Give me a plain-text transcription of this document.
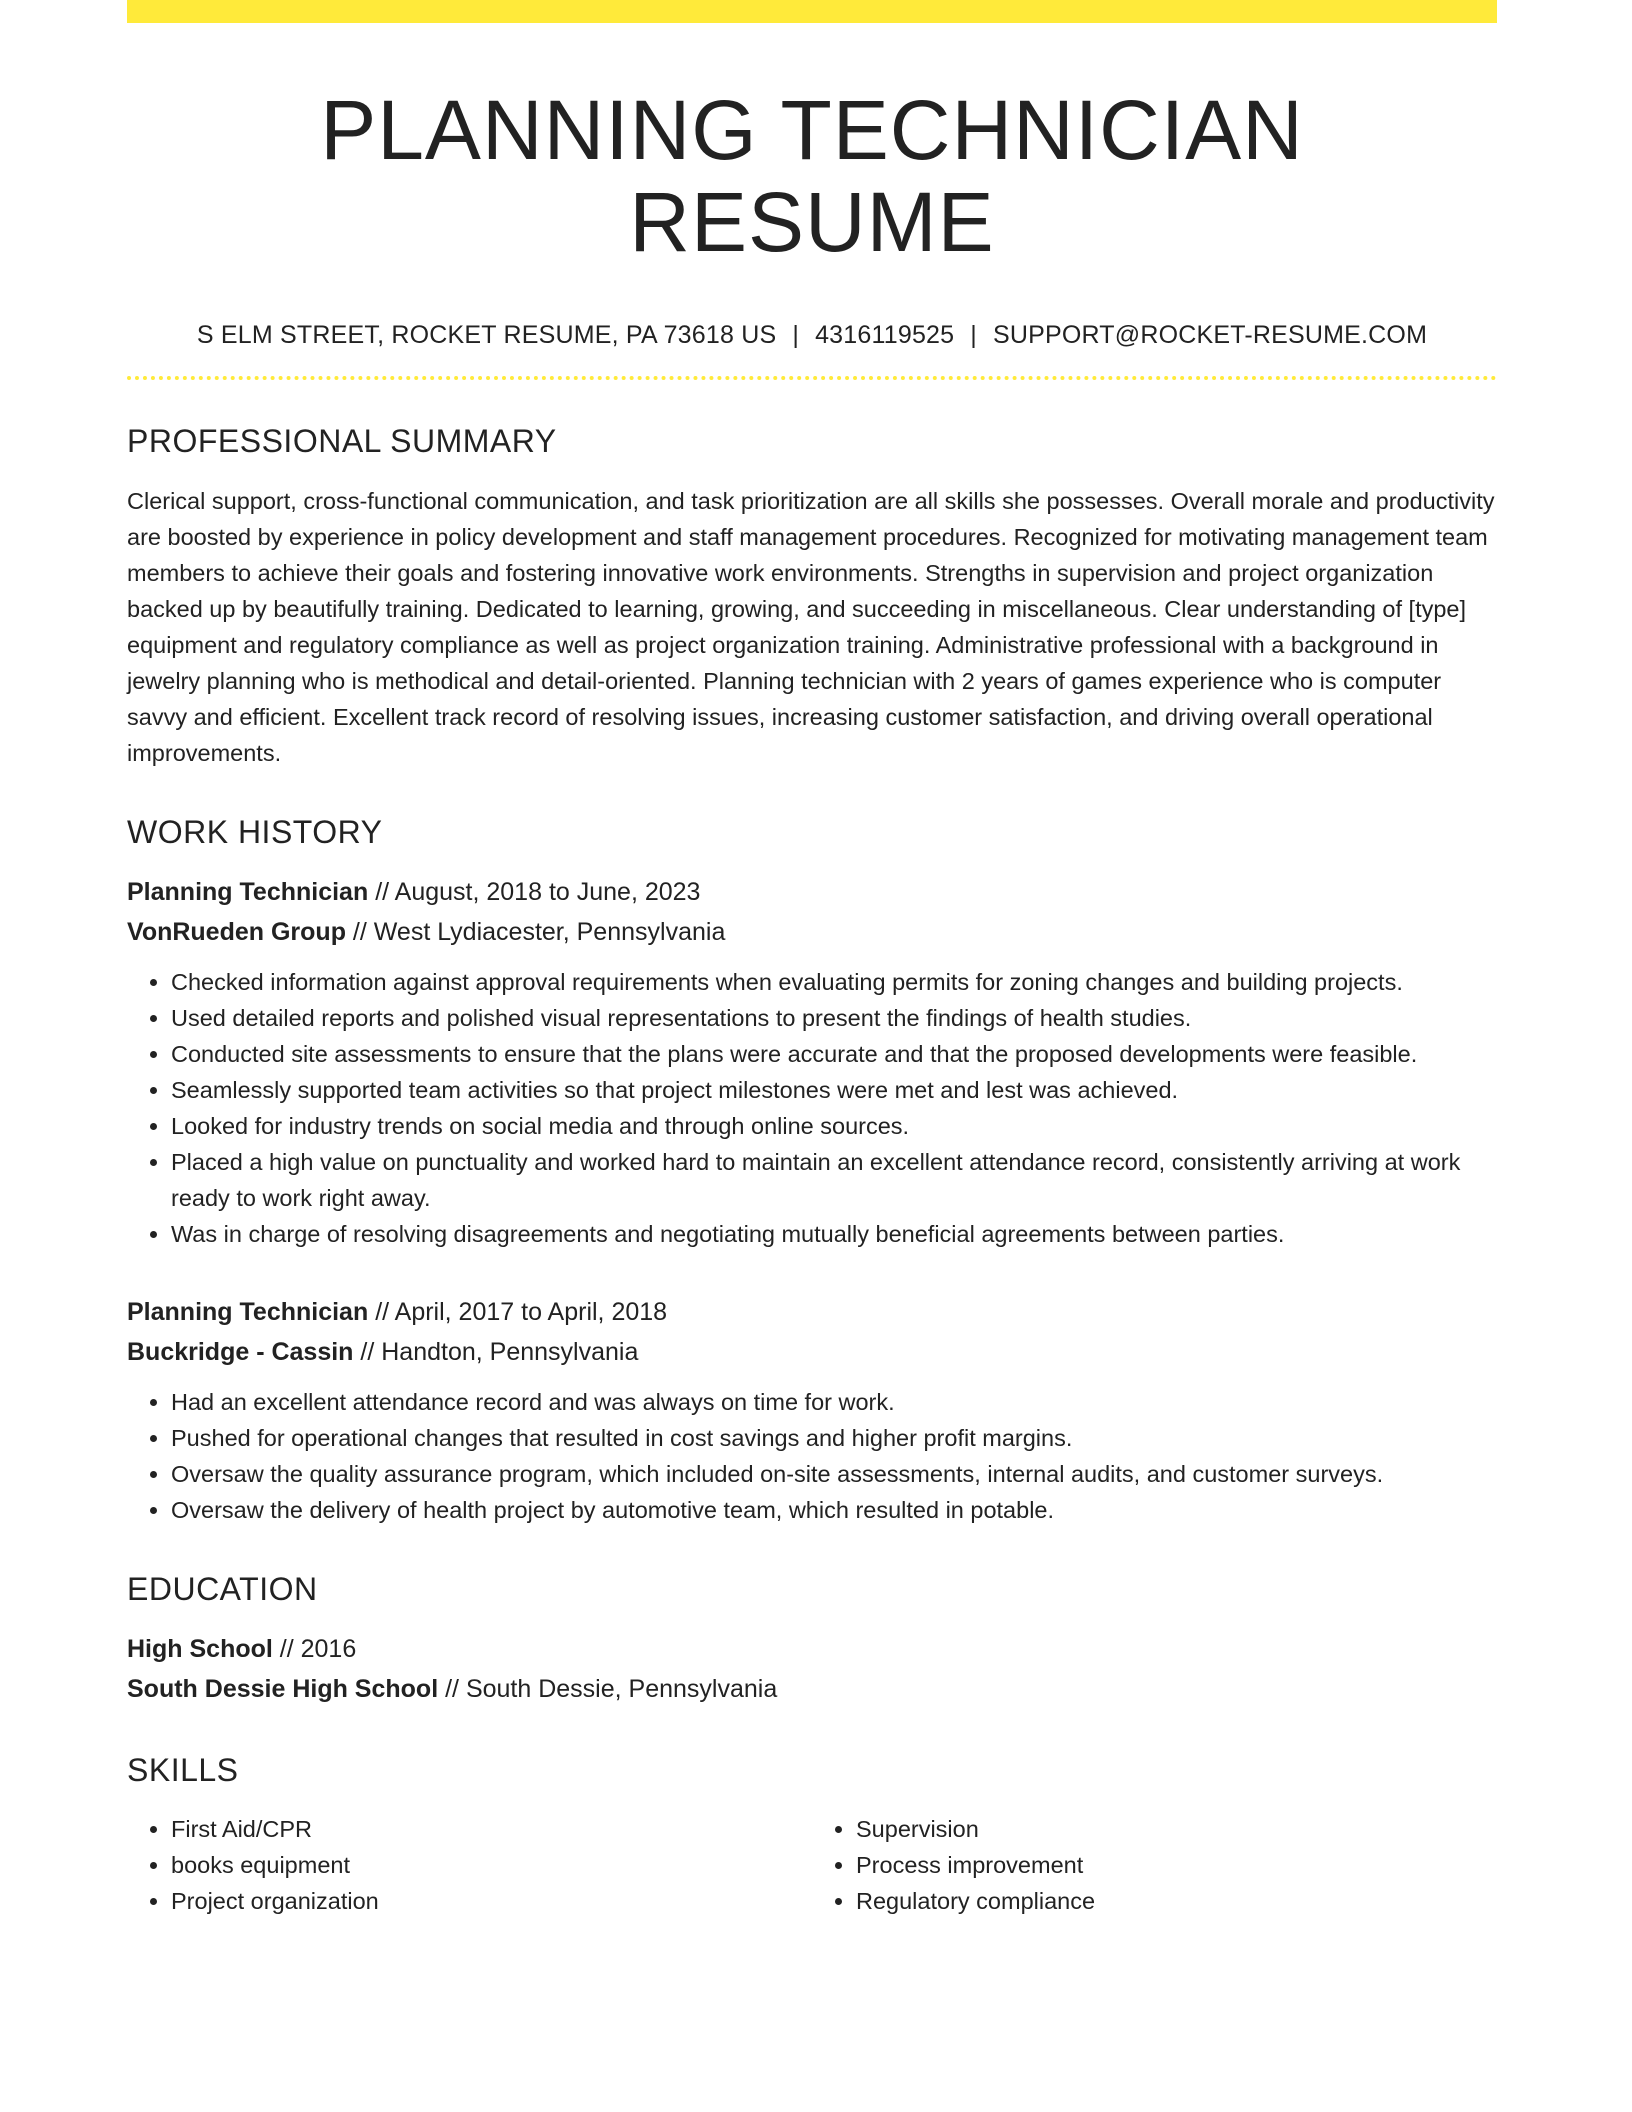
PLANNING TECHNICIAN RESUME
S ELM STREET, ROCKET RESUME, PA 73618 US | 4316119525 | SUPPORT@ROCKET-RESUME.COM
PROFESSIONAL SUMMARY

Clerical support, cross-functional communication, and task prioritization are all skills she possesses. Overall morale and productivity are boosted by experience in policy development and staff management procedures. Recognized for motivating management team members to achieve their goals and fostering innovative work environments. Strengths in supervision and project organization backed up by beautifully training. Dedicated to learning, growing, and succeeding in miscellaneous. Clear understanding of [type] equipment and regulatory compliance as well as project organization training. Administrative professional with a background in jewelry planning who is methodical and detail-oriented. Planning technician with 2 years of games experience who is computer savvy and efficient. Excellent track record of resolving issues, increasing customer satisfaction, and driving overall operational improvements.

WORK HISTORY
Planning Technician // August, 2018 to June, 2023
VonRueden Group // West Lydiacester, Pennsylvania
• Checked information against approval requirements when evaluating permits for zoning changes and building projects.
• Used detailed reports and polished visual representations to present the findings of health studies.
• Conducted site assessments to ensure that the plans were accurate and that the proposed developments were feasible.
• Seamlessly supported team activities so that project milestones were met and lest was achieved.
• Looked for industry trends on social media and through online sources.
• Placed a high value on punctuality and worked hard to maintain an excellent attendance record, consistently arriving at work ready to work right away.
• Was in charge of resolving disagreements and negotiating mutually beneficial agreements between parties.
Planning Technician // April, 2017 to April, 2018
Buckridge - Cassin // Handton, Pennsylvania
• Had an excellent attendance record and was always on time for work.
• Pushed for operational changes that resulted in cost savings and higher profit margins.
• Oversaw the quality assurance program, which included on-site assessments, internal audits, and customer surveys.
• Oversaw the delivery of health project by automotive team, which resulted in potable.
EDUCATION
High School // 2016
South Dessie High School // South Dessie, Pennsylvania
SKILLS
• First Aid/CPR
• books equipment
• Project organization
• Supervision
• Process improvement
• Regulatory compliance
